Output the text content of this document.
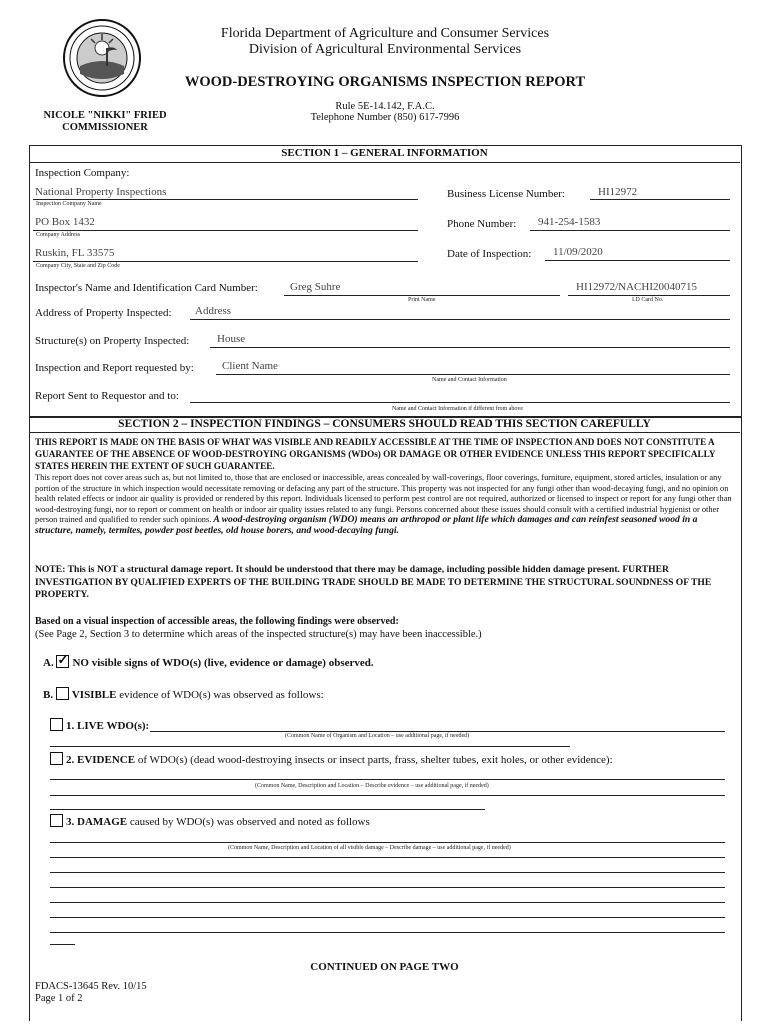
Florida Department of Agriculture and Consumer Services
Division of Agricultural Environmental Services
WOOD-DESTROYING ORGANISMS INSPECTION REPORT
Rule 5E-14.142, F.A.C.
Telephone Number (850) 617-7996
NICOLE "NIKKI" FRIED
COMMISSIONER
SECTION 1 – GENERAL INFORMATION
Inspection Company:
National Property Inspections
Inspection Company Name
PO Box 1432
Company Address
Ruskin, FL 33575
Company City, State and Zip Code
Business License Number:	HI12972
Phone Number: 941-254-1583
Date of Inspection: 11/09/2020
Inspector's Name and Identification Card Number:	Greg Suhre
Print Name
HI12972/NACHI20040715
I.D Card No.
Address of Property Inspected: Address
Structure(s) on Property Inspected:	House
Inspection and Report requested by:	Client Name
Name and Contact Information
Report Sent to Requestor and to:
Name and Contact Information if different from above
SECTION 2 – INSPECTION FINDINGS – CONSUMERS SHOULD READ THIS SECTION CAREFULLY
THIS REPORT IS MADE ON THE BASIS OF WHAT WAS VISIBLE AND READILY ACCESSIBLE AT THE TIME OF INSPECTION AND DOES NOT CONSTITUTE A GUARANTEE OF THE ABSENCE OF WOOD-DESTROYING ORGANISMS (WDOs) OR DAMAGE OR OTHER EVIDENCE UNLESS THIS REPORT SPECIFICALLY STATES HEREIN THE EXTENT OF SUCH GUARANTEE.
This report does not cover areas such as, but not limited to, those that are enclosed or inaccessible, areas concealed by wall-coverings, floor coverings, furniture, equipment, stored articles, insulation or any portion of the structure in which inspection would necessitate removing or defacing any part of the structure. This property was not inspected for any fungi other than wood-decaying fungi, and no opinion on health related effects or indoor air quality is provided or rendered by this report. Individuals licensed to perform pest control are not required, authorized or licensed to inspect or report for any fungi other than wood-destroying fungi, nor to report or comment on health or indoor air quality issues related to any fungi. Persons concerned about these issues should consult with a certified industrial hygienist or other person trained and qualified to render such opinions. A wood-destroying organism (WDO) means an arthropod or plant life which damages and can reinfest seasoned wood in a structure, namely, termites, powder post beetles, old house borers, and wood-decaying fungi.
NOTE: This is NOT a structural damage report. It should be understood that there may be damage, including possible hidden damage present. FURTHER INVESTIGATION BY QUALIFIED EXPERTS OF THE BUILDING TRADE SHOULD BE MADE TO DETERMINE THE STRUCTURAL SOUNDNESS OF THE PROPERTY.
Based on a visual inspection of accessible areas, the following findings were observed:
(See Page 2, Section 3 to determine which areas of the inspected structure(s) may have been inaccessible.)
A. ✓ NO visible signs of WDO(s) (live, evidence or damage) observed.
B. VISIBLE evidence of WDO(s) was observed as follows:
1. LIVE WDO(s):
(Common Name of Organism and Location – use additional page, if needed)
2. EVIDENCE of WDO(s) (dead wood-destroying insects or insect parts, frass, shelter tubes, exit holes, or other evidence):
(Common Name, Description and Location – Describe evidence – use additional page, if needed)
3. DAMAGE caused by WDO(s) was observed and noted as follows
(Common Name, Description and Location of all visible damage – Describe damage – use additional page, if needed)
CONTINUED ON PAGE TWO
FDACS-13645 Rev. 10/15
Page 1 of 2
